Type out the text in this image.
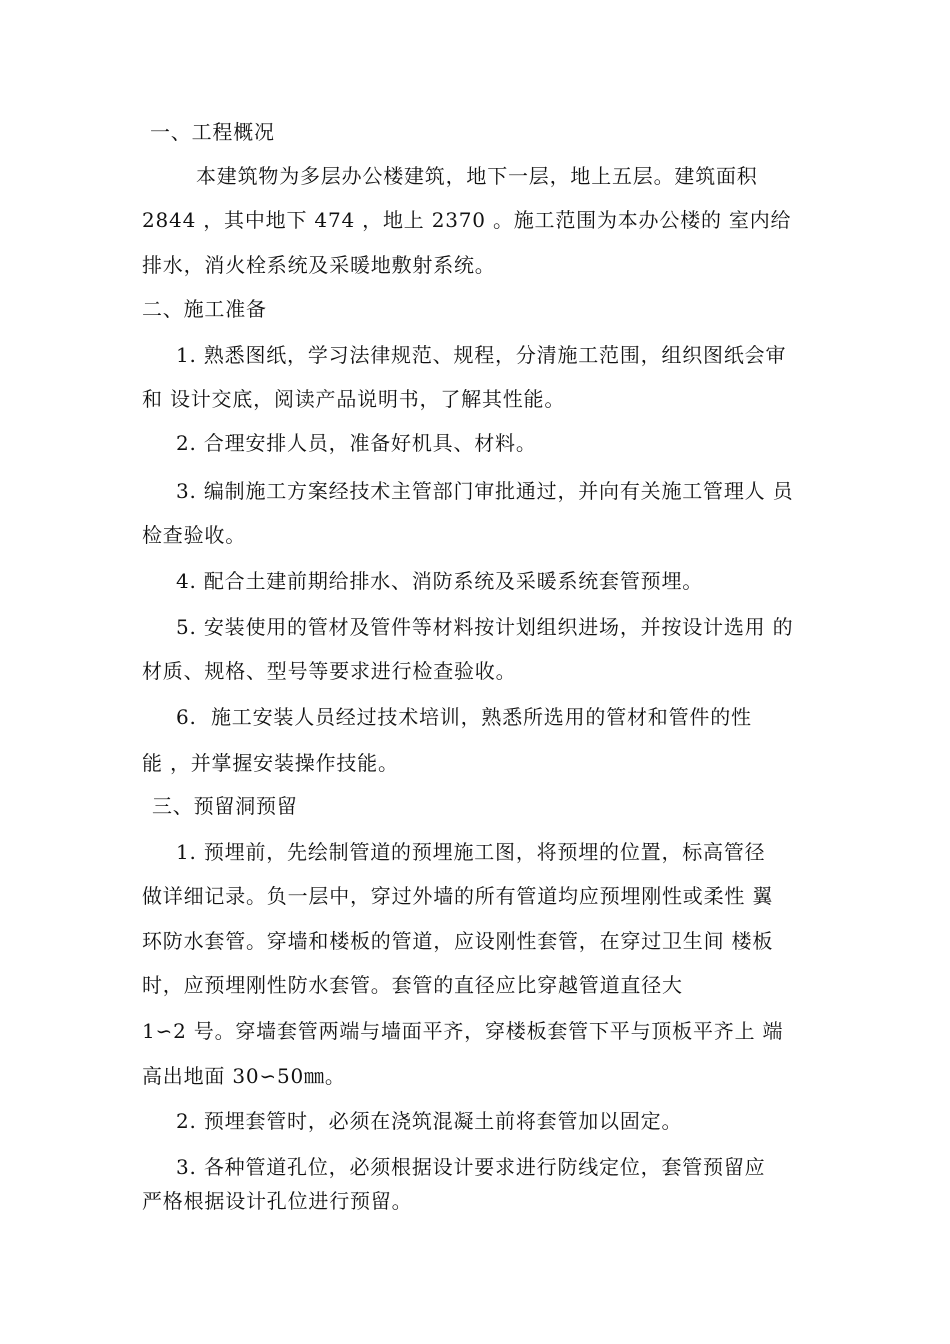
一、工程概况
本建筑物为多层办公楼建筑，地下一层，地上五层。建筑面积
2844 ，其中地下 474 ，地上 2370 。施工范围为本办公楼的 室内给
排水，消火栓系统及采暖地敷射系统。
二、施工准备
1. 熟悉图纸，学习法律规范、规程，分清施工范围，组织图纸会审
和 设计交底，阅读产品说明书，了解其性能。
2. 合理安排人员，准备好机具、材料。
3. 编制施工方案经技术主管部门审批通过，并向有关施工管理人 员
检查验收。
4. 配合土建前期给排水、消防系统及采暖系统套管预埋。
5. 安装使用的管材及管件等材料按计划组织进场，并按设计选用 的
材质、规格、型号等要求进行检查验收。
6.  施工安装人员经过技术培训，熟悉所选用的管材和管件的性
能 ，并掌握安装操作技能。
三、预留洞预留
1. 预埋前，先绘制管道的预埋施工图，将预埋的位置，标高管径
做详细记录。负一层中，穿过外墙的所有管道均应预埋刚性或柔性 翼
环防水套管。穿墙和楼板的管道，应设刚性套管，在穿过卫生间 楼板
时，应预埋刚性防水套管。套管的直径应比穿越管道直径大
1∽2 号。穿墙套管两端与墙面平齐，穿楼板套管下平与顶板平齐上 端
高出地面 30∽50㎜。
2. 预埋套管时，必须在浇筑混凝土前将套管加以固定。
3. 各种管道孔位，必须根据设计要求进行防线定位，套管预留应
严格根据设计孔位进行预留。
